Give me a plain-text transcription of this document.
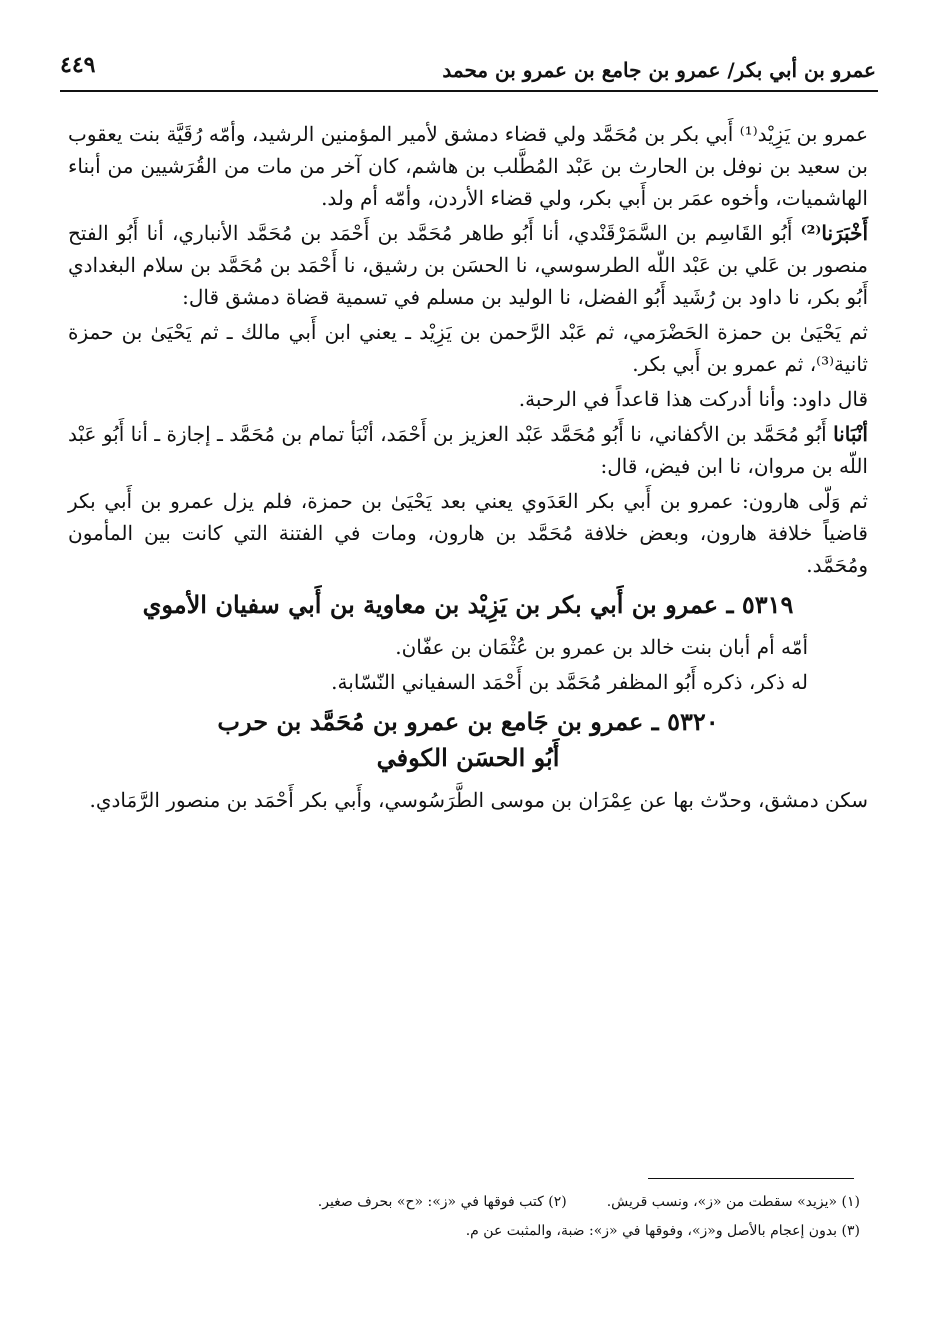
عمرو بن أبي بكر/ عمرو بن جامع بن عمرو بن محمد
٤٤٩

عمرو بن يَزِيْد⁽¹⁾ أَبي بكر بن مُحَمَّد ولي قضاء دمشق لأمير المؤمنين الرشيد، وأمّه رُقَيَّة بنت يعقوب بن سعيد بن نوفل بن الحارث بن عَبْد المُطَّلب بن هاشم، كان آخر من مات من القُرَشيين من أبناء الهاشميات، وأخوه عمَر بن أَبي بكر، ولي قضاء الأردن، وأمّه أم ولد.

أَخْبَرَنا⁽²⁾ أَبُو القَاسِم بن السَّمَرْقَنْدي، أنا أَبُو طاهر مُحَمَّد بن أَحْمَد بن مُحَمَّد الأنباري، أنا أَبُو الفتح منصور بن عَلي بن عَبْد اللّه الطرسوسي، نا الحسَن بن رشيق، نا أَحْمَد بن مُحَمَّد بن سلام البغدادي أَبُو بكر، نا داود بن رُشَيد أَبُو الفضل، نا الوليد بن مسلم في تسمية قضاة دمشق قال:

ثم يَحْيَىٰ بن حمزة الحَضْرَمي، ثم عَبْد الرَّحمن بن يَزِيْد ـ يعني ابن أَبي مالك ـ ثم يَحْيَىٰ بن حمزة ثانية⁽³⁾، ثم عمرو بن أَبي بكر.

قال داود: وأنا أدركت هذا قاعداً في الرحبة.

أنْبَانا أَبُو مُحَمَّد بن الأكفاني، نا أَبُو مُحَمَّد عَبْد العزيز بن أَحْمَد، أنْبَأ تمام بن مُحَمَّد ـ إجازة ـ أنا أَبُو عَبْد اللّه بن مروان، نا ابن فيض، قال:

ثم وَلّى هارون: عمرو بن أَبي بكر العَدَوي يعني بعد يَحْيَىٰ بن حمزة، فلم يزل عمرو بن أَبي بكر قاضياً خلافة هارون، وبعض خلافة مُحَمَّد بن هارون، ومات في الفتنة التي كانت بين المأمون ومُحَمَّد.

٥٣١٩ ـ عمرو بن أَبي بكر بن يَزِيْد بن معاوية بن أَبي سفيان الأموي

أمّه أم أبان بنت خالد بن عمرو بن عُثْمَان بن عفّان.

له ذكر، ذكره أَبُو المظفر مُحَمَّد بن أَحْمَد السفياني النّسّابة.

٥٣٢٠ ـ عمرو بن جَامع بن عمرو بن مُحَمَّد بن حرب
أَبُو الحسَن الكوفي

سكن دمشق، وحدّث بها عن عِمْرَان بن موسى الطَّرَسُوسي، وأَبي بكر أَحْمَد بن منصور الرَّمَادي.

(١) «يزيد» سقطت من «ز»، ونسب قريش.(٢) كتب فوقها في «ز»: «ح» بحرف صغير.
(٣) بدون إعجام بالأصل و«ز»، وفوقها في «ز»: ضبة، والمثبت عن م.
